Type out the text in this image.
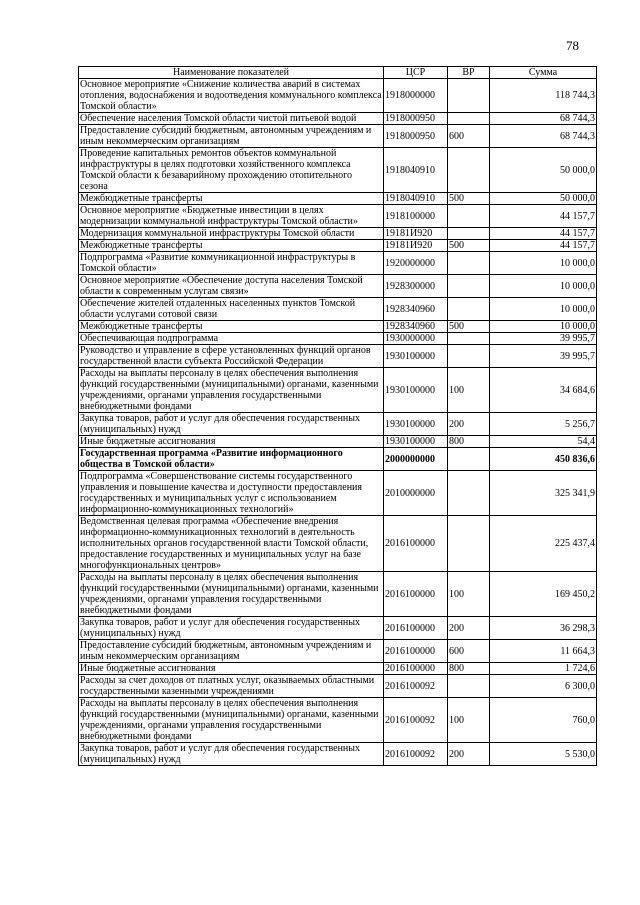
78
Наименование показателей	ЦСР	ВР	Сумма
Основное мероприятие «Снижение количества аварий в системах отопления, водоснабжения и водоотведения коммунального комплекса Томской области»	1918000000		118 744,3
Обеспечение населения Томской области чистой питьевой водой	1918000950		68 744,3
Предоставление субсидий бюджетным, автономным учреждениям и иным некоммерческим организациям	1918000950	600	68 744,3
Проведение капитальных ремонтов объектов коммунальной инфраструктуры в целях подготовки хозяйственного комплекса Томской области к безаварийному прохождению отопительного сезона	1918040910		50 000,0
Межбюджетные трансферты	1918040910	500	50 000,0
Основное мероприятие «Бюджетные инвестиции в целях модернизации коммунальной инфраструктуры Томской области»	1918100000		44 157,7
Модернизация коммунальной инфраструктуры Томской области	19181И920		44 157,7
Межбюджетные трансферты	19181И920	500	44 157,7
Подпрограмма «Развитие коммуникационной инфраструктуры в Томской области»	1920000000		10 000,0
Основное мероприятие «Обеспечение доступа населения Томской области к современным услугам связи»	1928300000		10 000,0
Обеспечение жителей отдаленных населенных пунктов Томской области услугами сотовой связи	1928340960		10 000,0
Межбюджетные трансферты	1928340960	500	10 000,0
Обеспечивающая подпрограмма	1930000000		39 995,7
Руководство и управление в сфере установленных функций органов государственной власти субъекта Российской Федерации	1930100000		39 995,7
Расходы на выплаты персоналу в целях обеспечения выполнения функций государственными (муниципальными) органами, казенными учреждениями, органами управления государственными внебюджетными фондами	1930100000	100	34 684,6
Закупка товаров, работ и услуг для обеспечения государственных (муниципальных) нужд	1930100000	200	5 256,7
Иные бюджетные ассигнования	1930100000	800	54,4
Государственная программа «Развитие информационного общества в Томской области»	2000000000		450 836,6
Подпрограмма «Совершенствование системы государственного управления и повышение качества и доступности предоставления государственных и муниципальных услуг с использованием информационно-коммуникационных технологий»	2010000000		325 341,9
Ведомственная целевая программа «Обеспечение внедрения информационно-коммуникационных технологий в деятельность исполнительных органов государственной власти Томской области, предоставление государственных и муниципальных услуг на базе многофункциональных центров»	2016100000		225 437,4
Расходы на выплаты персоналу в целях обеспечения выполнения функций государственными (муниципальными) органами, казенными учреждениями, органами управления государственными внебюджетными фондами	2016100000	100	169 450,2
Закупка товаров, работ и услуг для обеспечения государственных (муниципальных) нужд	2016100000	200	36 298,3
Предоставление субсидий бюджетным, автономным учреждениям и иным некоммерческим организациям	2016100000	600	11 664,3
Иные бюджетные ассигнования	2016100000	800	1 724,6
Расходы за счет доходов от платных услуг, оказываемых областными государственными казенными учреждениями	2016100092		6 300,0
Расходы на выплаты персоналу в целях обеспечения выполнения функций государственными (муниципальными) органами, казенными учреждениями, органами управления государственными внебюджетными фондами	2016100092	100	760,0
Закупка товаров, работ и услуг для обеспечения государственных (муниципальных) нужд	2016100092	200	5 530,0
